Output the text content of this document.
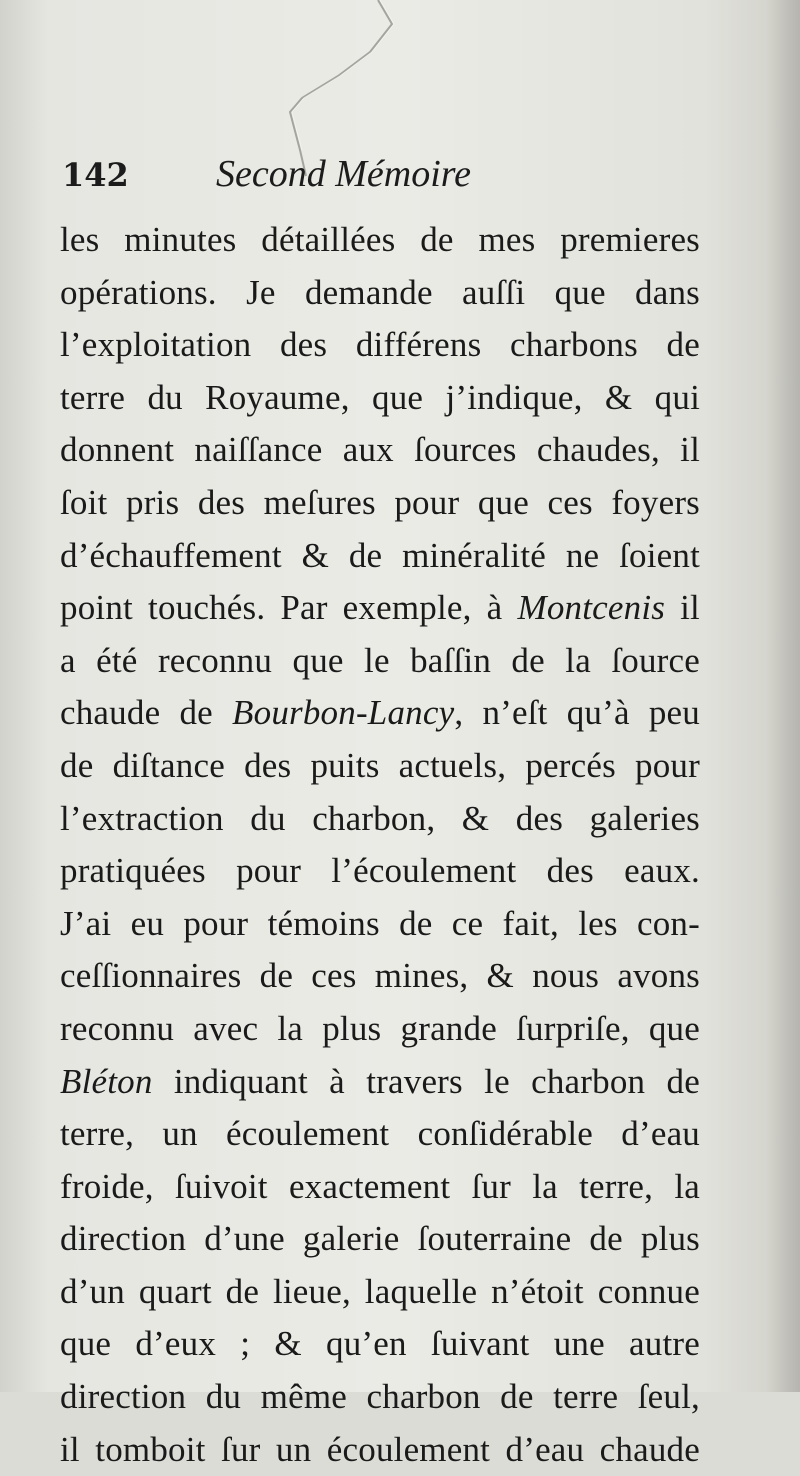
142 Second Mémoire
les minutes détaillées de mes premieres
opérations. Je demande auſſi que dans
l’exploitation des différens charbons de
terre du Royaume, que j’indique, & qui
donnent naiſſance aux ſources chaudes, il
ſoit pris des meſures pour que ces foyers
d’échauffement & de minéralité ne ſoient
point touchés. Par exemple, à Montcenis il
a été reconnu que le baſſin de la ſource
chaude de Bourbon-Lancy, n’eſt qu’à peu
de diſtance des puits actuels, percés pour
l’extraction du charbon, & des galeries
pratiquées pour l’écoulement des eaux.
J’ai eu pour témoins de ce fait, les con-
ceſſionnaires de ces mines, & nous avons
reconnu avec la plus grande ſurpriſe, que
Bléton indiquant à travers le charbon de
terre, un écoulement conſidérable d’eau
froide, ſuivoit exactement ſur la terre, la
direction d’une galerie ſouterraine de plus
d’un quart de lieue, laquelle n’étoit connue
que d’eux ; & qu’en ſuivant une autre
direction du même charbon de terre ſeul,
il tomboit ſur un écoulement d’eau chaude
